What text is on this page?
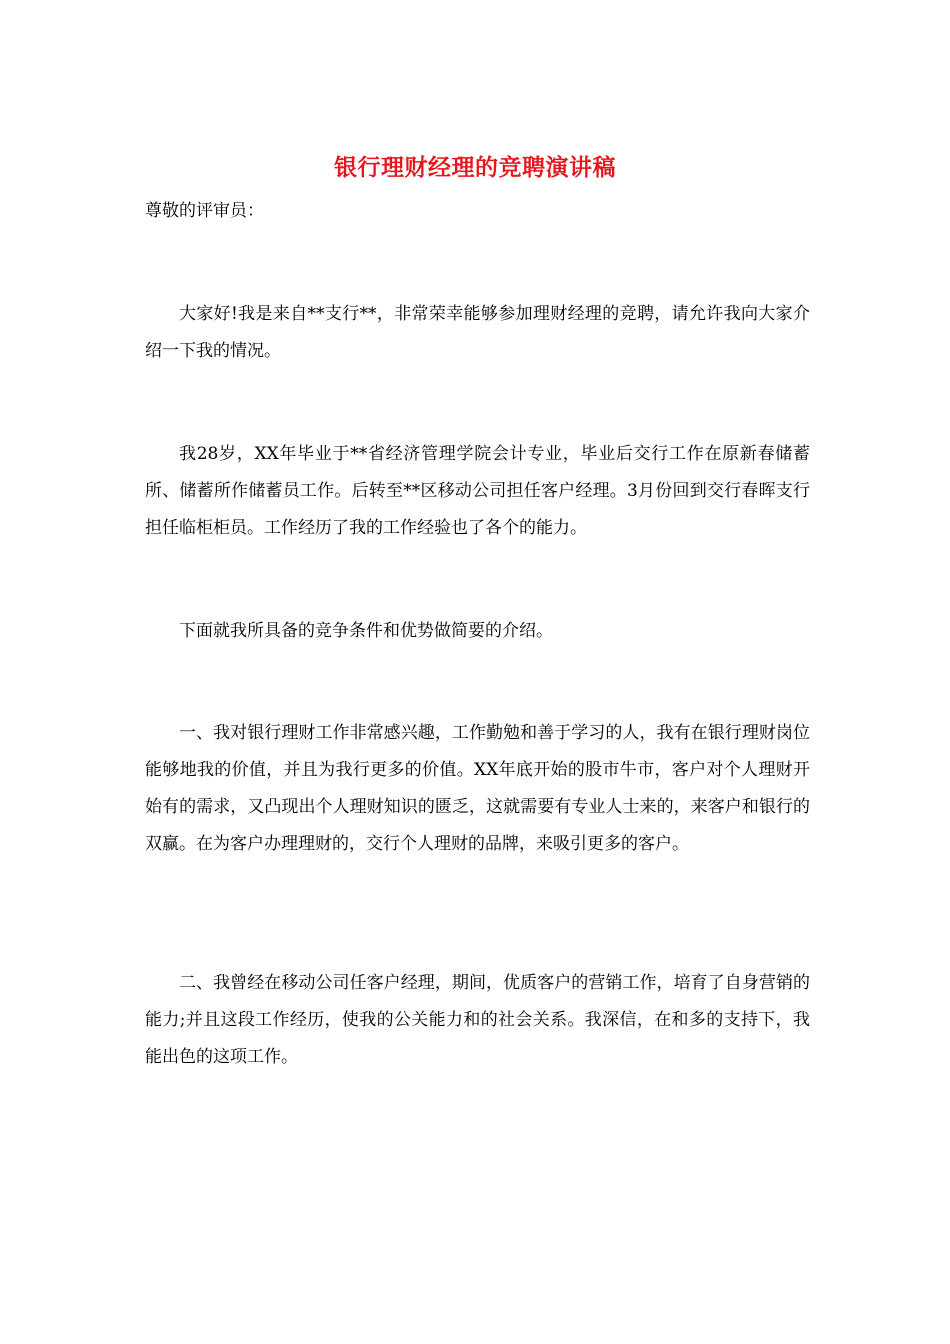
银行理财经理的竞聘演讲稿
尊敬的评审员：

大家好!我是来自**支行**，非常荣幸能够参加理财经理的竞聘，请允许我向大家介绍一下我的情况。

我28岁，XX年毕业于**省经济管理学院会计专业，毕业后交行工作在原新春储蓄所、储蓄所作储蓄员工作。后转至**区移动公司担任客户经理。3月份回到交行春晖支行担任临柜柜员。工作经历了我的工作经验也了各个的能力。

下面就我所具备的竞争条件和优势做简要的介绍。

一、我对银行理财工作非常感兴趣，工作勤勉和善于学习的人，我有在银行理财岗位能够地我的价值，并且为我行更多的价值。XX年底开始的股市牛市，客户对个人理财开始有的需求，又凸现出个人理财知识的匮乏，这就需要有专业人士来的，来客户和银行的双赢。在为客户办理理财的，交行个人理财的品牌，来吸引更多的客户。

二、我曾经在移动公司任客户经理，期间，优质客户的营销工作，培育了自身营销的能力;并且这段工作经历，使我的公关能力和的社会关系。我深信，在和多的支持下，我能出色的这项工作。
